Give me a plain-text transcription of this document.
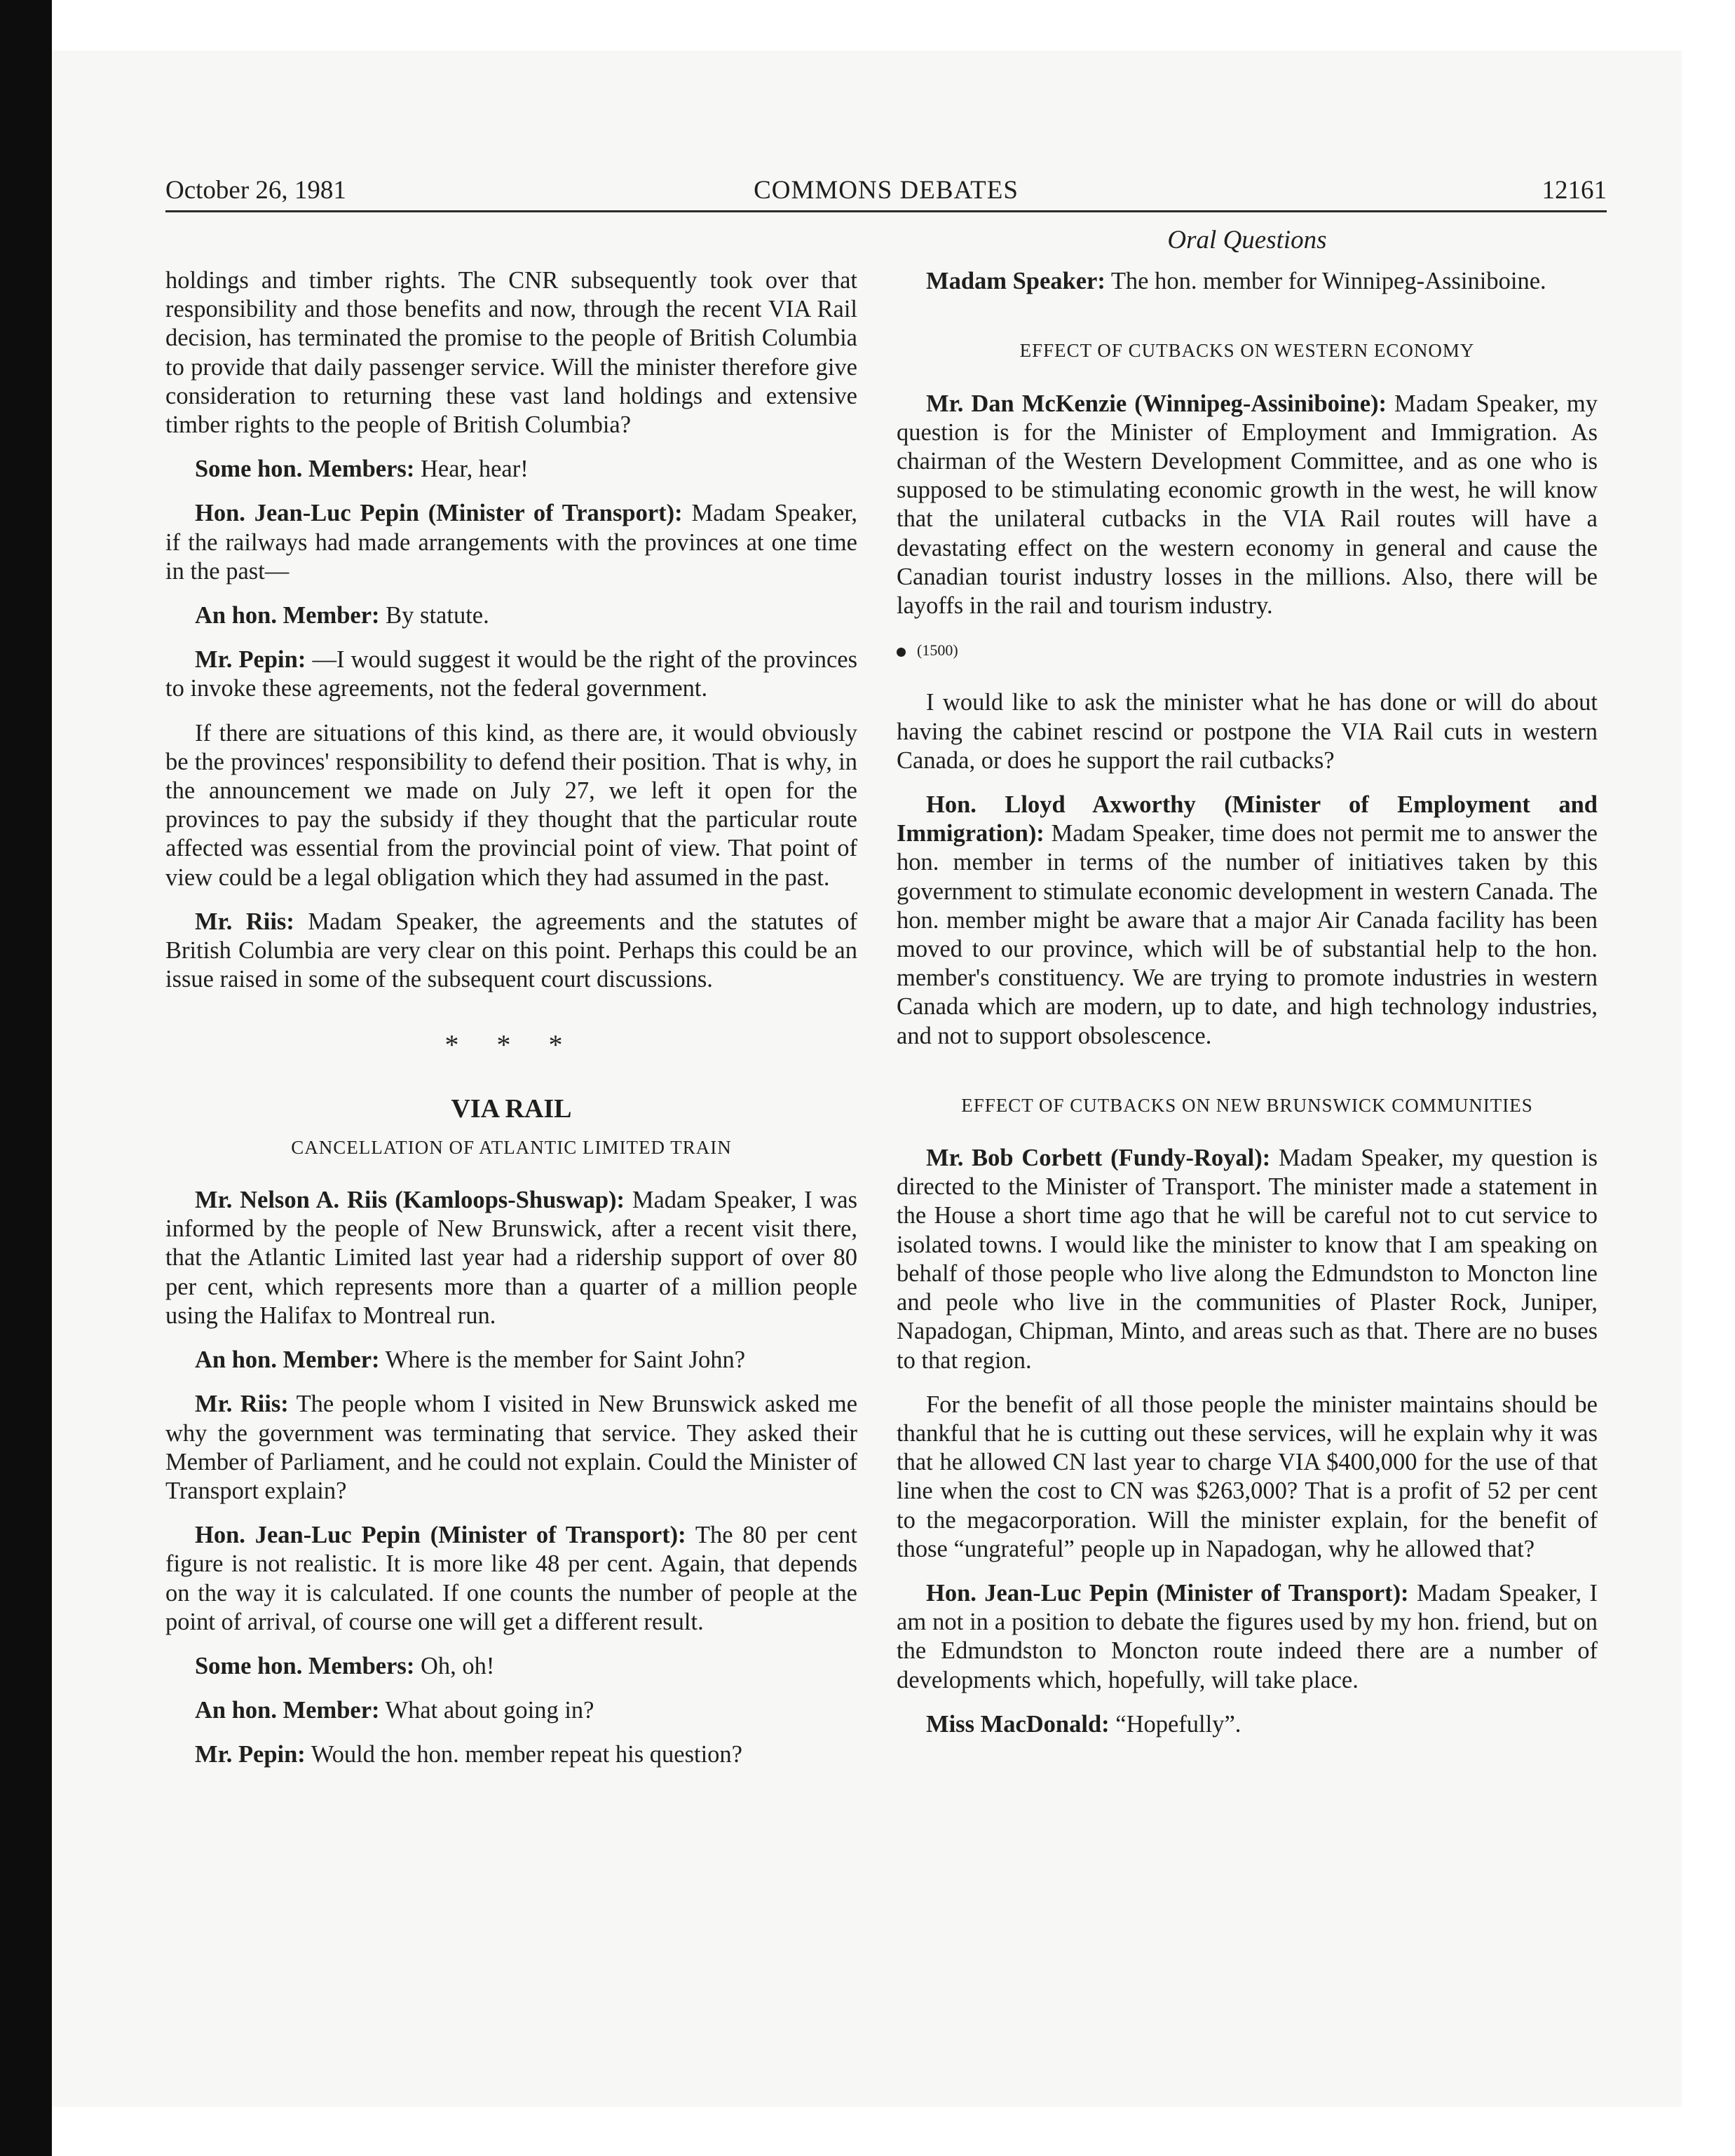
October 26, 1981	COMMONS DEBATES	12161

holdings and timber rights. The CNR subsequently took over that responsibility and those benefits and now, through the recent VIA Rail decision, has terminated the promise to the people of British Columbia to provide that daily passenger service. Will the minister therefore give consideration to returning these vast land holdings and extensive timber rights to the people of British Columbia?

Some hon. Members: Hear, hear!

Hon. Jean-Luc Pepin (Minister of Transport): Madam Speaker, if the railways had made arrangements with the provinces at one time in the past—

An hon. Member: By statute.

Mr. Pepin: —I would suggest it would be the right of the provinces to invoke these agreements, not the federal government.

If there are situations of this kind, as there are, it would obviously be the provinces' responsibility to defend their position. That is why, in the announcement we made on July 27, we left it open for the provinces to pay the subsidy if they thought that the particular route affected was essential from the provincial point of view. That point of view could be a legal obligation which they had assumed in the past.

Mr. Riis: Madam Speaker, the agreements and the statutes of British Columbia are very clear on this point. Perhaps this could be an issue raised in some of the subsequent court discussions.

* * *
VIA RAIL
CANCELLATION OF ATLANTIC LIMITED TRAIN

Mr. Nelson A. Riis (Kamloops-Shuswap): Madam Speaker, I was informed by the people of New Brunswick, after a recent visit there, that the Atlantic Limited last year had a ridership support of over 80 per cent, which represents more than a quarter of a million people using the Halifax to Montreal run.

An hon. Member: Where is the member for Saint John?

Mr. Riis: The people whom I visited in New Brunswick asked me why the government was terminating that service. They asked their Member of Parliament, and he could not explain. Could the Minister of Transport explain?

Hon. Jean-Luc Pepin (Minister of Transport): The 80 per cent figure is not realistic. It is more like 48 per cent. Again, that depends on the way it is calculated. If one counts the number of people at the point of arrival, of course one will get a different result.

Some hon. Members: Oh, oh!

An hon. Member: What about going in?

Mr. Pepin: Would the hon. member repeat his question?

Oral Questions

Madam Speaker: The hon. member for Winnipeg-Assiniboine.

EFFECT OF CUTBACKS ON WESTERN ECONOMY

Mr. Dan McKenzie (Winnipeg-Assiniboine): Madam Speaker, my question is for the Minister of Employment and Immigration. As chairman of the Western Development Committee, and as one who is supposed to be stimulating economic growth in the west, he will know that the unilateral cutbacks in the VIA Rail routes will have a devastating effect on the western economy in general and cause the Canadian tourist industry losses in the millions. Also, there will be layoffs in the rail and tourism industry.

(1500)

I would like to ask the minister what he has done or will do about having the cabinet rescind or postpone the VIA Rail cuts in western Canada, or does he support the rail cutbacks?

Hon. Lloyd Axworthy (Minister of Employment and Immigration): Madam Speaker, time does not permit me to answer the hon. member in terms of the number of initiatives taken by this government to stimulate economic development in western Canada. The hon. member might be aware that a major Air Canada facility has been moved to our province, which will be of substantial help to the hon. member's constituency. We are trying to promote industries in western Canada which are modern, up to date, and high technology industries, and not to support obsolescence.

EFFECT OF CUTBACKS ON NEW BRUNSWICK COMMUNITIES

Mr. Bob Corbett (Fundy-Royal): Madam Speaker, my question is directed to the Minister of Transport. The minister made a statement in the House a short time ago that he will be careful not to cut service to isolated towns. I would like the minister to know that I am speaking on behalf of those people who live along the Edmundston to Moncton line and peole who live in the communities of Plaster Rock, Juniper, Napadogan, Chipman, Minto, and areas such as that. There are no buses to that region.

For the benefit of all those people the minister maintains should be thankful that he is cutting out these services, will he explain why it was that he allowed CN last year to charge VIA $400,000 for the use of that line when the cost to CN was $263,000? That is a profit of 52 per cent to the megacorporation. Will the minister explain, for the benefit of those “ungrateful” people up in Napadogan, why he allowed that?

Hon. Jean-Luc Pepin (Minister of Transport): Madam Speaker, I am not in a position to debate the figures used by my hon. friend, but on the Edmundston to Moncton route indeed there are a number of developments which, hopefully, will take place.

Miss MacDonald: “Hopefully”.
